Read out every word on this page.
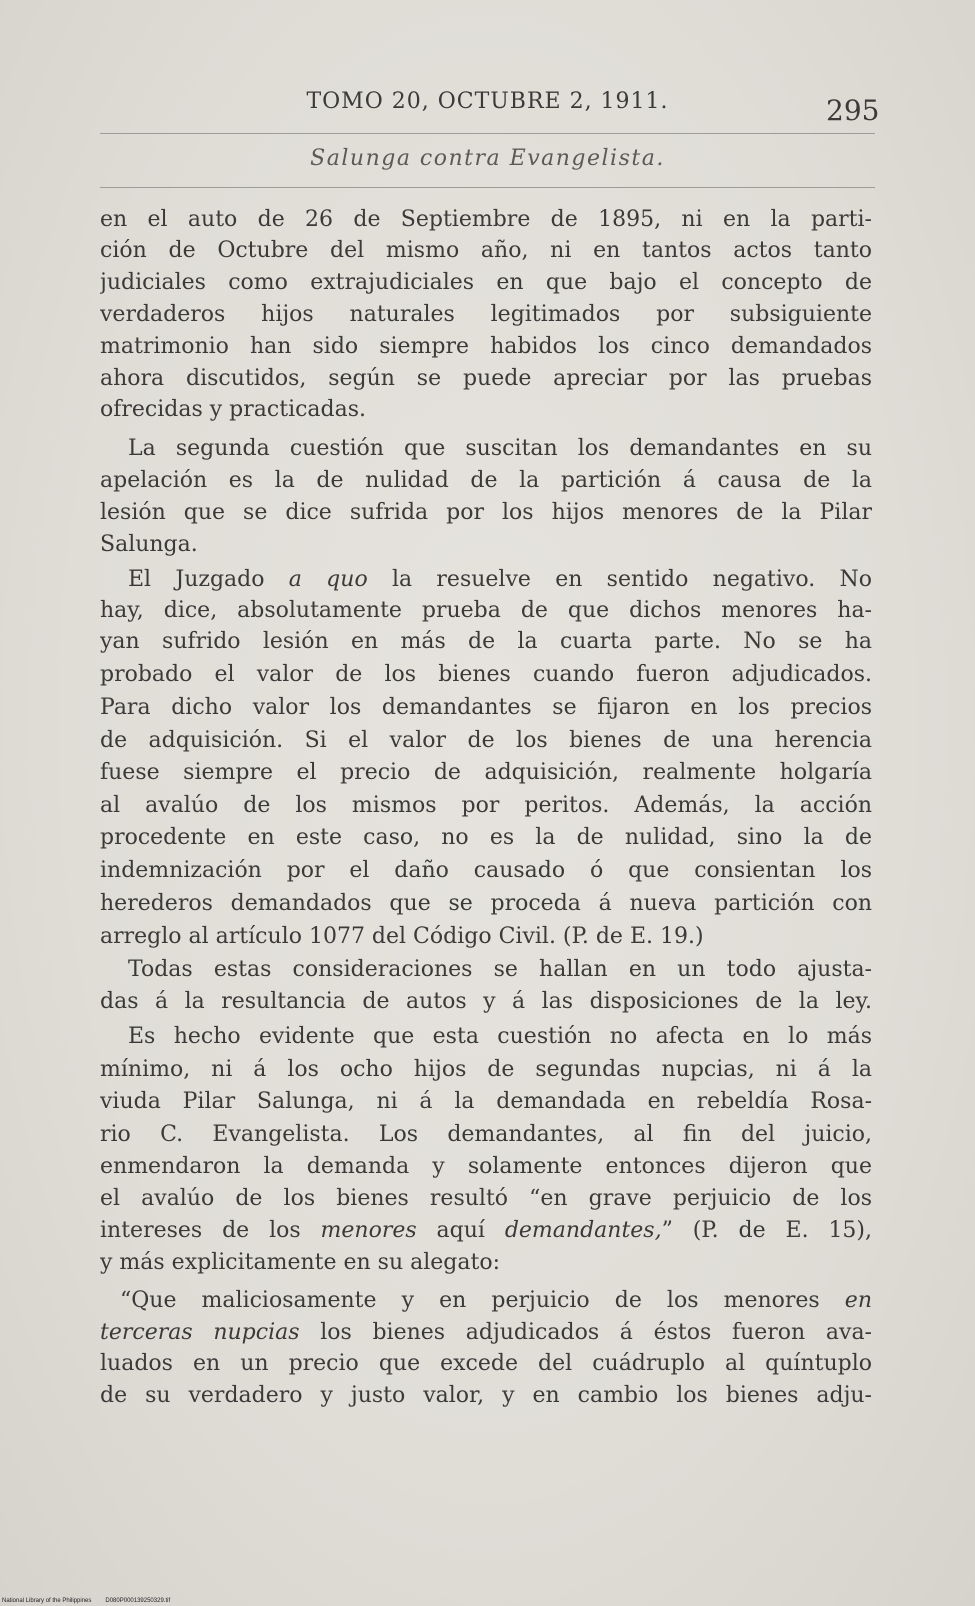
TOMO 20, OCTUBRE 2, 1911.	295
Salunga contra Evangelista.
en el auto de 26 de Septiembre de 1895, ni en la parti-
ción de Octubre del mismo año, ni en tantos actos tanto
judiciales como extrajudiciales en que bajo el concepto de
verdaderos hijos naturales legitimados por subsiguiente
matrimonio han sido siempre habidos los cinco demandados
ahora discutidos, según se puede apreciar por las pruebas
ofrecidas y practicadas.
La segunda cuestión que suscitan los demandantes en su
apelación es la de nulidad de la partición á causa de la
lesión que se dice sufrida por los hijos menores de la Pilar
Salunga.
El Juzgado a quo la resuelve en sentido negativo. No
hay, dice, absolutamente prueba de que dichos menores ha-
yan sufrido lesión en más de la cuarta parte. No se ha
probado el valor de los bienes cuando fueron adjudicados.
Para dicho valor los demandantes se fijaron en los precios
de adquisición. Si el valor de los bienes de una herencia
fuese siempre el precio de adquisición, realmente holgaría
al avalúo de los mismos por peritos. Además, la acción
procedente en este caso, no es la de nulidad, sino la de
indemnización por el daño causado ó que consientan los
herederos demandados que se proceda á nueva partición con
arreglo al artículo 1077 del Código Civil. (P. de E. 19.)
Todas estas consideraciones se hallan en un todo ajusta-
das á la resultancia de autos y á las disposiciones de la ley.
Es hecho evidente que esta cuestión no afecta en lo más
mínimo, ni á los ocho hijos de segundas nupcias, ni á la
viuda Pilar Salunga, ni á la demandada en rebeldía Rosa-
rio C. Evangelista. Los demandantes, al fin del juicio,
enmendaron la demanda y solamente entonces dijeron que
el avalúo de los bienes resultó “en grave perjuicio de los
intereses de los menores aquí demandantes,” (P. de E. 15),
y más explicitamente en su alegato:
“Que maliciosamente y en perjuicio de los menores en
terceras nupcias los bienes adjudicados á éstos fueron ava-
luados en un precio que excede del cuádruplo al quíntuplo
de su verdadero y justo valor, y en cambio los bienes adju-
National Library of the Philippines D080P000139250329.tif
